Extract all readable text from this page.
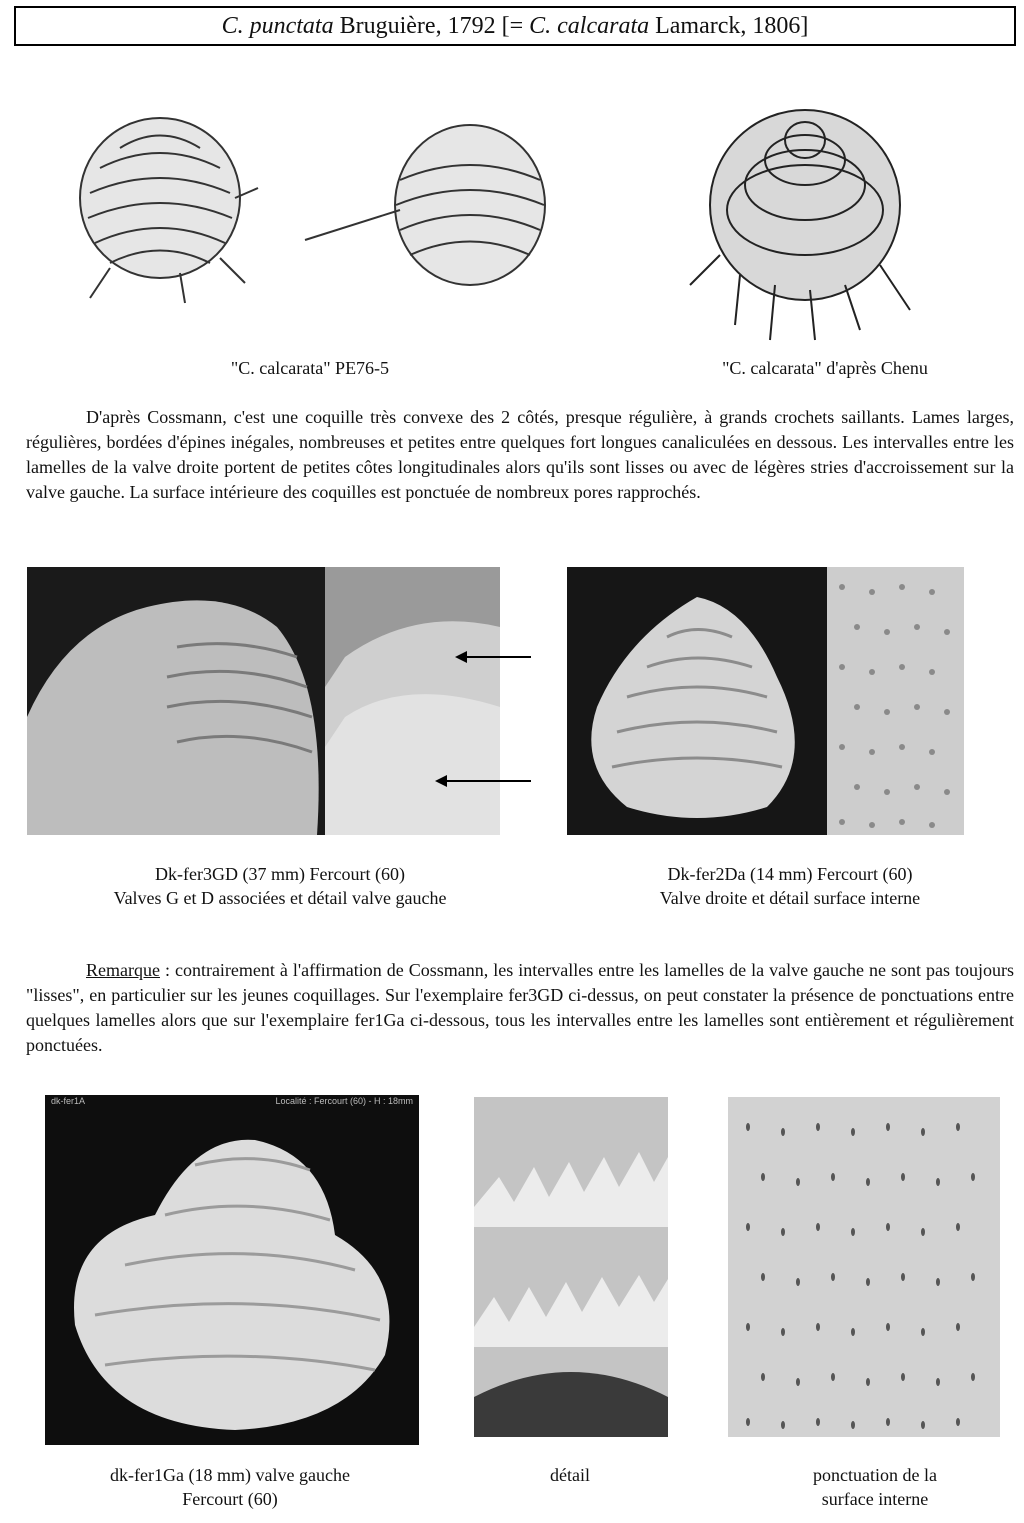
C. punctata Bruguière, 1792 [= C. calcarata Lamarck, 1806]
"C. calcarata" PE76-5	"C. calcarata" d'après Chenu
D'après Cossmann, c'est une coquille très convexe des 2 côtés, presque régulière, à grands crochets saillants. Lames larges, régulières, bordées d'épines inégales, nombreuses et petites entre quelques fort longues canaliculées en dessous. Les intervalles entre les lamelles de la valve droite portent de petites côtes longitudinales alors qu'ils sont lisses ou avec de légères stries d'accroissement sur la valve gauche. La surface intérieure des coquilles est ponctuée de nombreux pores rapprochés.
Dk-fer3GD (37 mm) Fercourt (60)
Valves G et D associées et détail valve gauche
Dk-fer2Da (14 mm) Fercourt (60)
Valve droite et détail surface interne
Remarque : contrairement à l'affirmation de Cossmann, les intervalles entre les lamelles de la valve gauche ne sont pas toujours "lisses", en particulier sur les jeunes coquillages. Sur l'exemplaire fer3GD ci-dessus, on peut constater la présence de ponctuations entre quelques lamelles alors que sur l'exemplaire fer1Ga ci-dessous, tous les intervalles entre les lamelles sont entièrement et régulièrement ponctuées.
dk-fer1A	Localité : Fercourt (60) - H : 18mm
dk-fer1Ga (18 mm) valve gauche
Fercourt (60)
détail	ponctuation de la
surface interne
